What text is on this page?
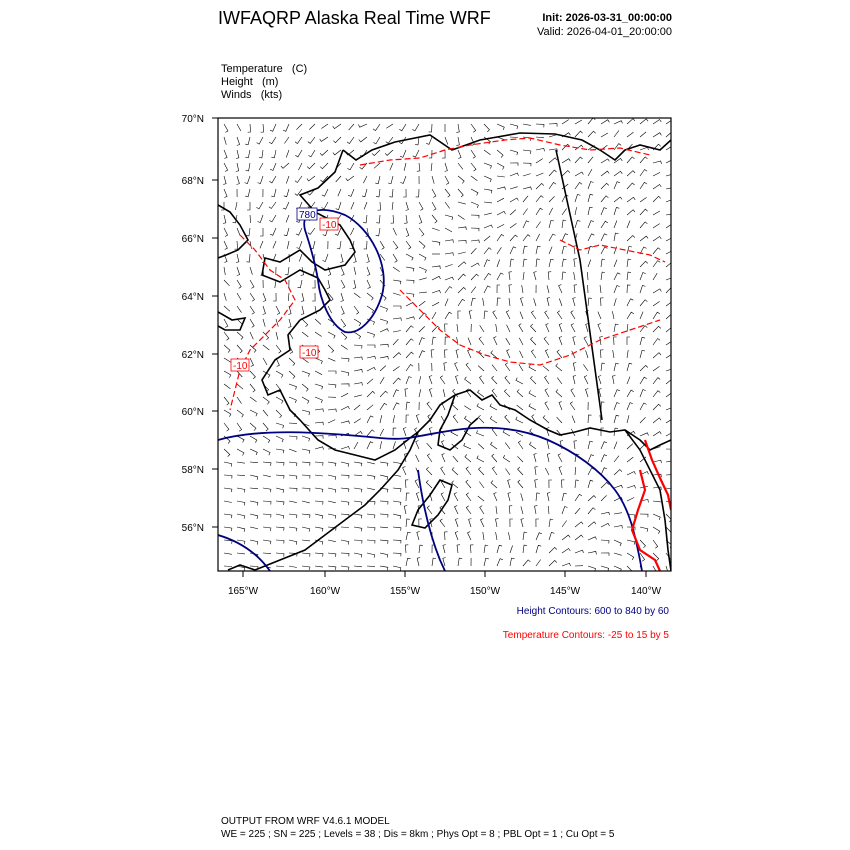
IWFAQRP Alaska Real Time WRF	Init: 2026-03-31_00:00:00
Valid: 2026-04-01_20:00:00
Temperature   (C)
Height   (m)
Winds   (kts)
780
-10
-10
-10
70°N
68°N
66°N
64°N
62°N
60°N
58°N
56°N
165°W	160°W	155°W	150°W	145°W	140°W
Height Contours: 600 to 840 by 60
Temperature Contours: -25 to 15 by 5
OUTPUT FROM WRF V4.6.1 MODEL
WE = 225 ; SN = 225 ; Levels = 38 ; Dis = 8km ; Phys Opt = 8 ; PBL Opt = 1 ; Cu Opt = 5
